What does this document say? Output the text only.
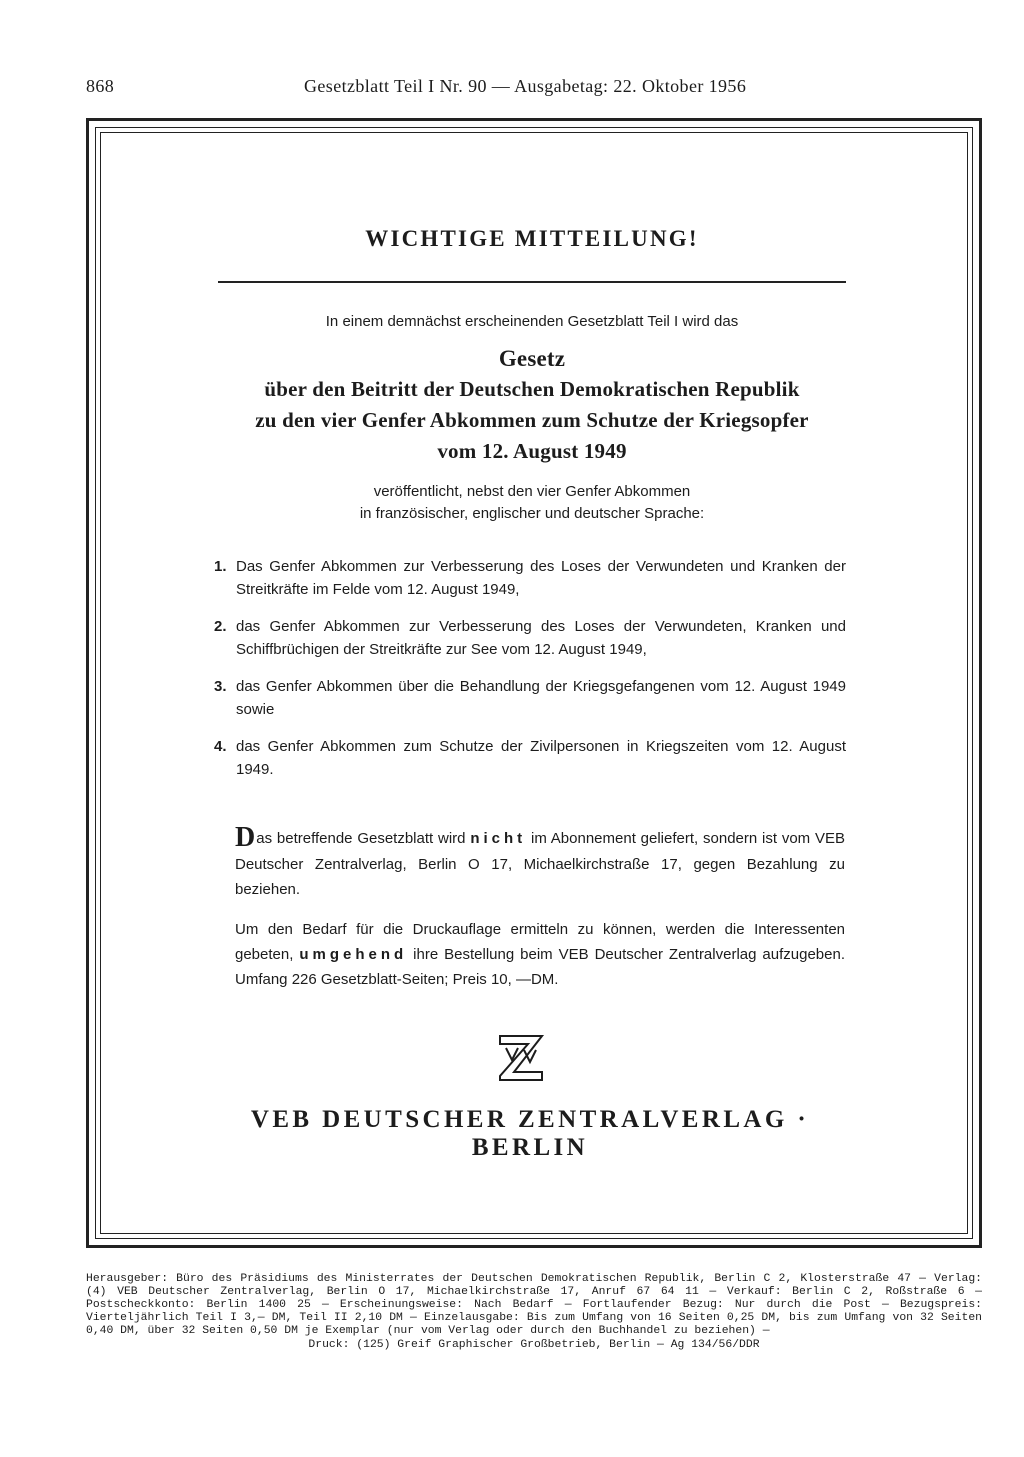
868	Gesetzblatt Teil I Nr. 90 — Ausgabetag: 22. Oktober 1956
WICHTIGE MITTEILUNG!
In einem demnächst erscheinenden Gesetzblatt Teil I wird das
Gesetz
über den Beitritt der Deutschen Demokratischen Republik
zu den vier Genfer Abkommen zum Schutze der Kriegsopfer
vom 12. August 1949
veröffentlicht, nebst den vier Genfer Abkommen
in französischer, englischer und deutscher Sprache:
1. Das Genfer Abkommen zur Verbesserung des Loses der Verwundeten und Kranken der Streitkräfte im Felde vom 12. August 1949,
2. das Genfer Abkommen zur Verbesserung des Loses der Verwundeten, Kranken und Schiffbrüchigen der Streitkräfte zur See vom 12. August 1949,
3. das Genfer Abkommen über die Behandlung der Kriegsgefangenen vom 12. August 1949 sowie
4. das Genfer Abkommen zum Schutze der Zivilpersonen in Kriegszeiten vom 12. August 1949.

Das betreffende Gesetzblatt wird nicht im Abonnement geliefert, sondern ist vom VEB Deutscher Zentralverlag, Berlin O 17, Michaelkirchstraße 17, gegen Bezahlung zu beziehen.

Um den Bedarf für die Druckauflage ermitteln zu können, werden die Interessenten gebeten, umgehend ihre Bestellung beim VEB Deutscher Zentralverlag aufzugeben. Umfang 226 Gesetzblatt-Seiten; Preis 10, —DM.

VEB DEUTSCHER ZENTRALVERLAG · BERLIN
Herausgeber: Büro des Präsidiums des Ministerrates der Deutschen Demokratischen Republik, Berlin C 2, Klosterstraße 47 — Verlag: (4) VEB Deutscher Zentralverlag, Berlin O 17, Michaelkirchstraße 17, Anruf 67 64 11 — Verkauf: Berlin C 2, Roßstraße 6 — Postscheckkonto: Berlin 1400 25 — Erscheinungsweise: Nach Bedarf — Fortlaufender Bezug: Nur durch die Post — Bezugspreis: Vierteljährlich Teil I 3,— DM, Teil II 2,10 DM — Einzelausgabe: Bis zum Umfang von 16 Seiten 0,25 DM, bis zum Umfang von 32 Seiten 0,40 DM, über 32 Seiten 0,50 DM je Exemplar (nur vom Verlag oder durch den Buchhandel zu beziehen) —
Druck: (125) Greif Graphischer Großbetrieb, Berlin — Ag 134/56/DDR
